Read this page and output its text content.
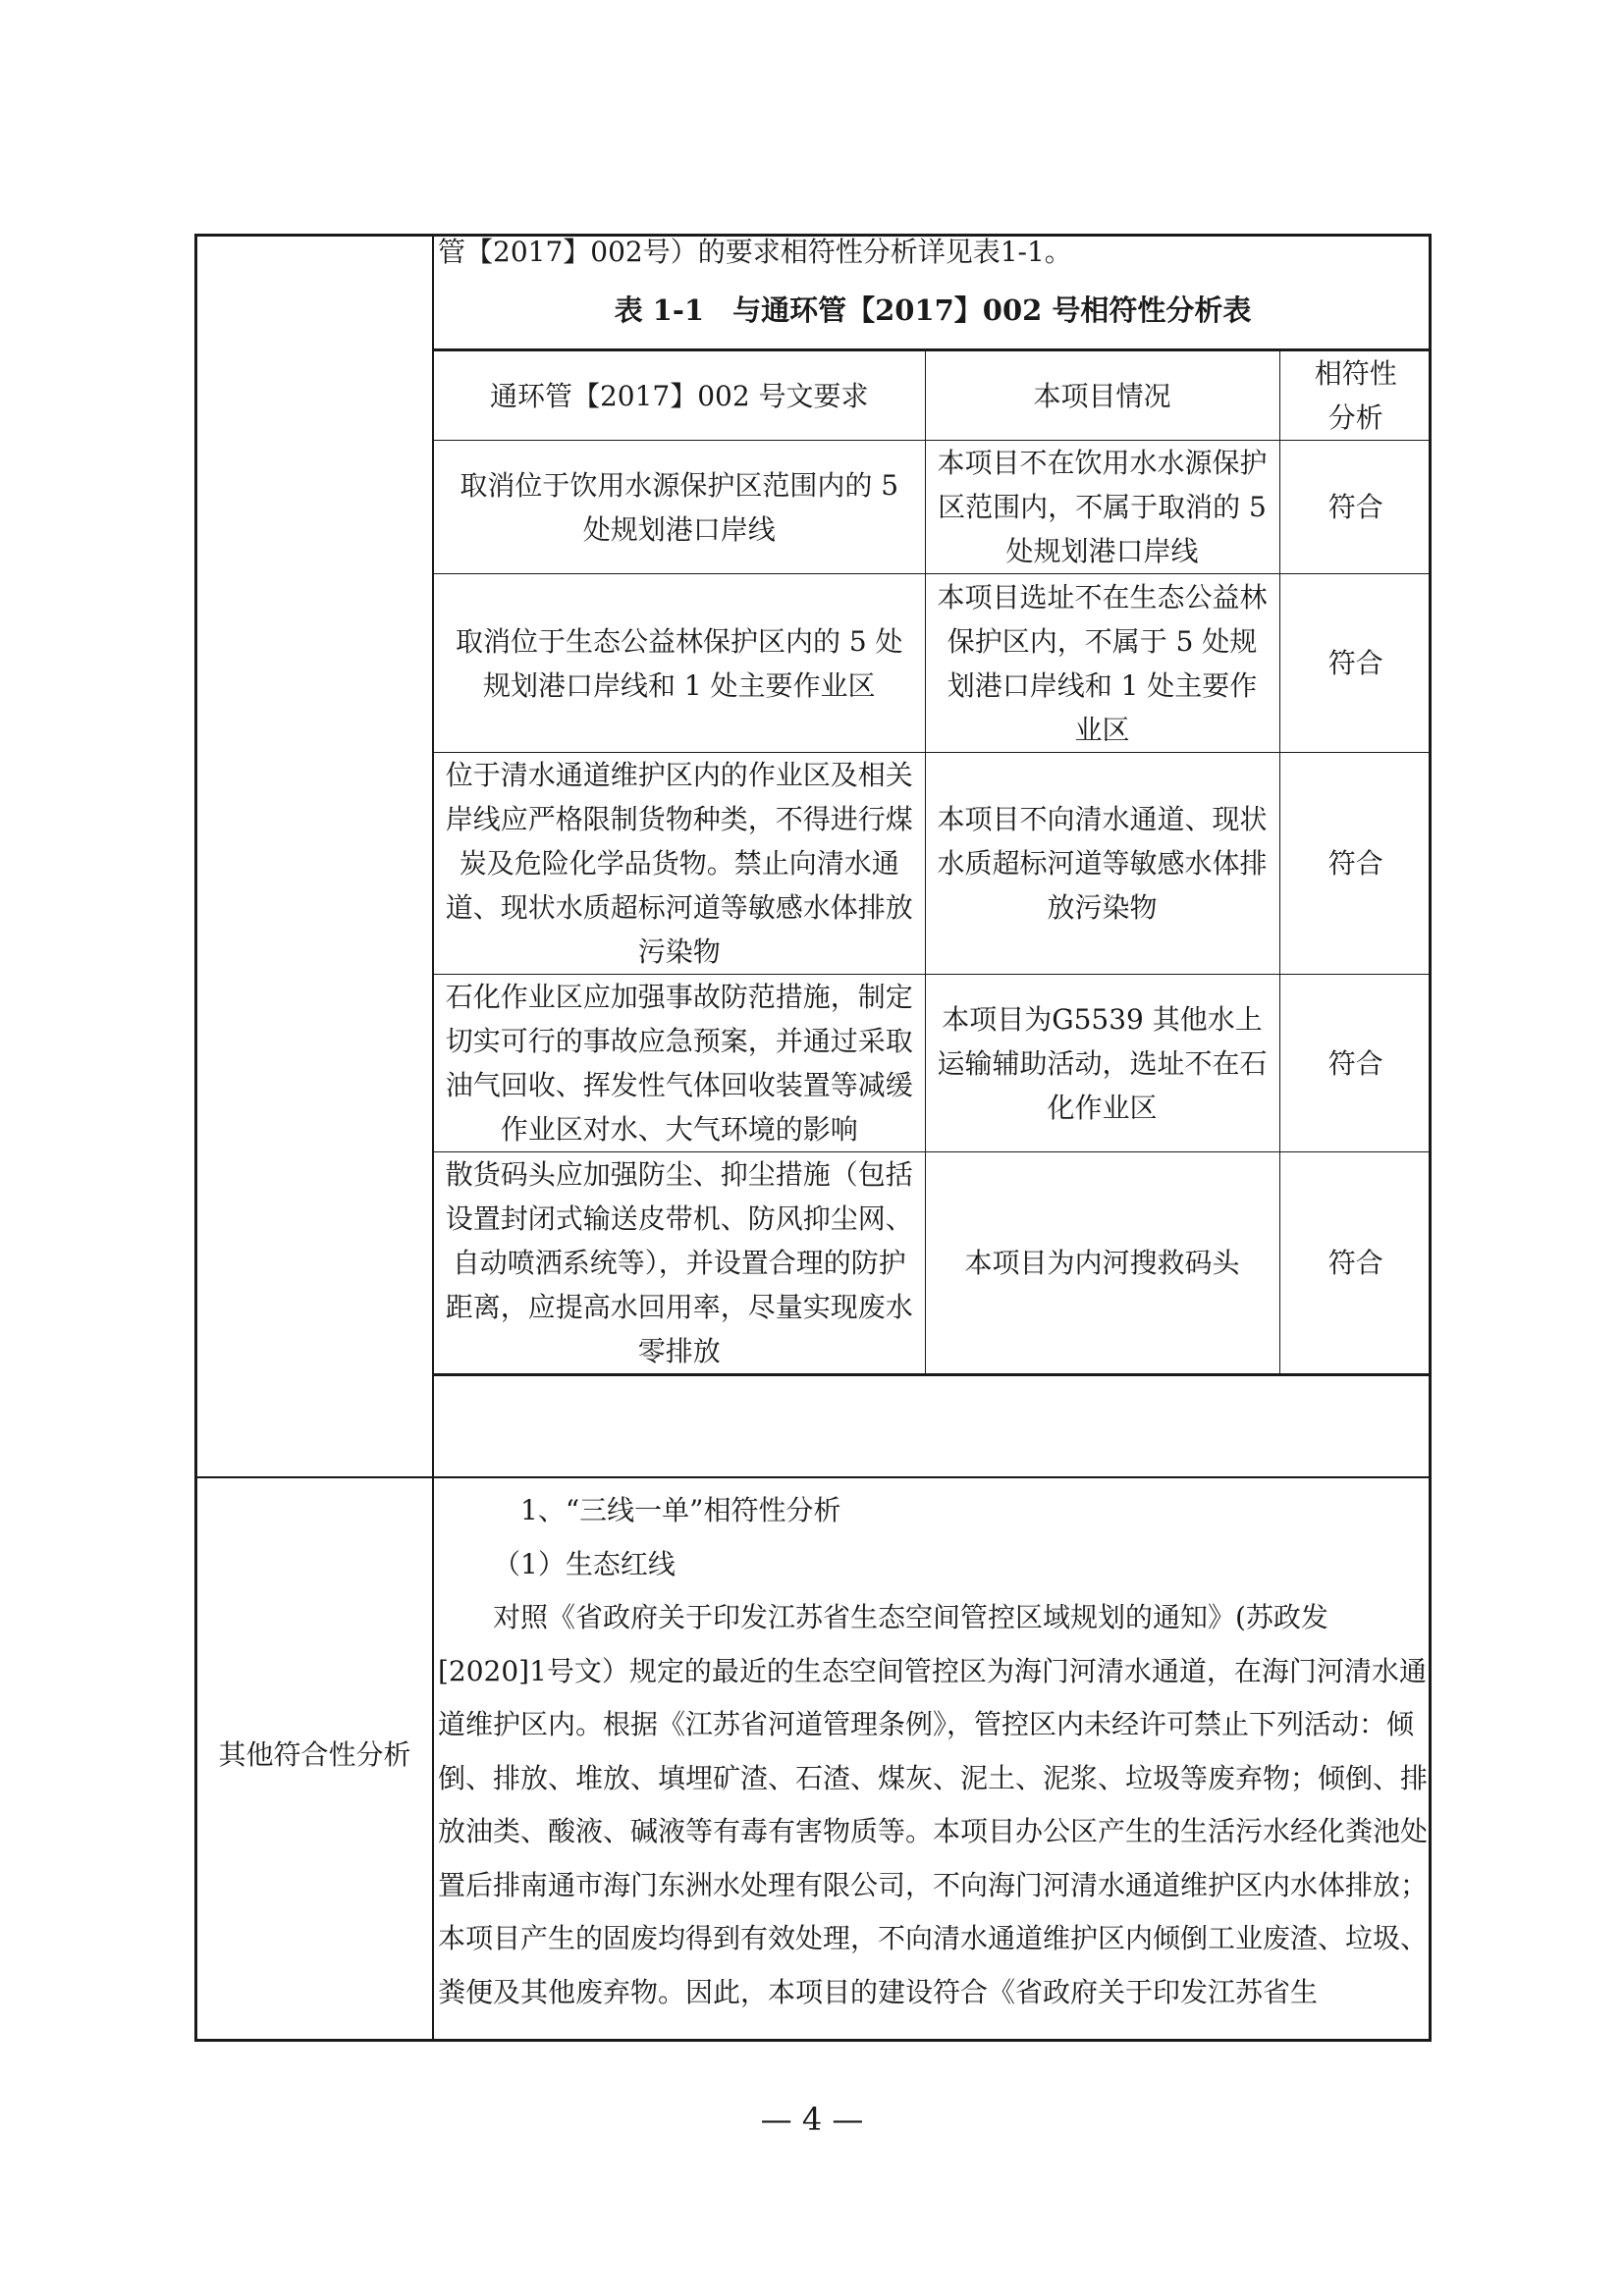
管【2017】002号）的要求相符性分析详见表1-1。
表 1-1　与通环管【2017】002 号相符性分析表
通环管【2017】002 号文要求	本项目情况	相符性分析
取消位于饮用水源保护区范围内的 5 处规划港口岸线	本项目不在饮用水水源保护区范围内，不属于取消的 5 处规划港口岸线	符合
取消位于生态公益林保护区内的 5 处规划港口岸线和 1 处主要作业区	本项目选址不在生态公益林保护区内，不属于 5 处规划港口岸线和 1 处主要作业区	符合
位于清水通道维护区内的作业区及相关岸线应严格限制货物种类，不得进行煤炭及危险化学品货物。禁止向清水通道、现状水质超标河道等敏感水体排放污染物	本项目不向清水通道、现状水质超标河道等敏感水体排放污染物	符合
石化作业区应加强事故防范措施，制定切实可行的事故应急预案，并通过采取油气回收、挥发性气体回收装置等减缓作业区对水、大气环境的影响	本项目为G5539 其他水上运输辅助活动，选址不在石化作业区	符合
散货码头应加强防尘、抑尘措施（包括设置封闭式输送皮带机、防风抑尘网、自动喷洒系统等），并设置合理的防护距离，应提高水回用率，尽量实现废水零排放	本项目为内河搜救码头	符合
其他符合性分析

1、“三线一单”相符性分析

（1）生态红线

对照《省政府关于印发江苏省生态空间管控区域规划的通知》(苏政发[2020]1号文）规定的最近的生态空间管控区为海门河清水通道，在海门河清水通道维护区内。根据《江苏省河道管理条例》，管控区内未经许可禁止下列活动：倾倒、排放、堆放、填埋矿渣、石渣、煤灰、泥土、泥浆、垃圾等废弃物；倾倒、排放油类、酸液、碱液等有毒有害物质等。本项目办公区产生的生活污水经化粪池处置后排南通市海门东洲水处理有限公司，不向海门河清水通道维护区内水体排放；本项目产生的固废均得到有效处理，不向清水通道维护区内倾倒工业废渣、垃圾、粪便及其他废弃物。因此，本项目的建设符合《省政府关于印发江苏省生

— 4 —
